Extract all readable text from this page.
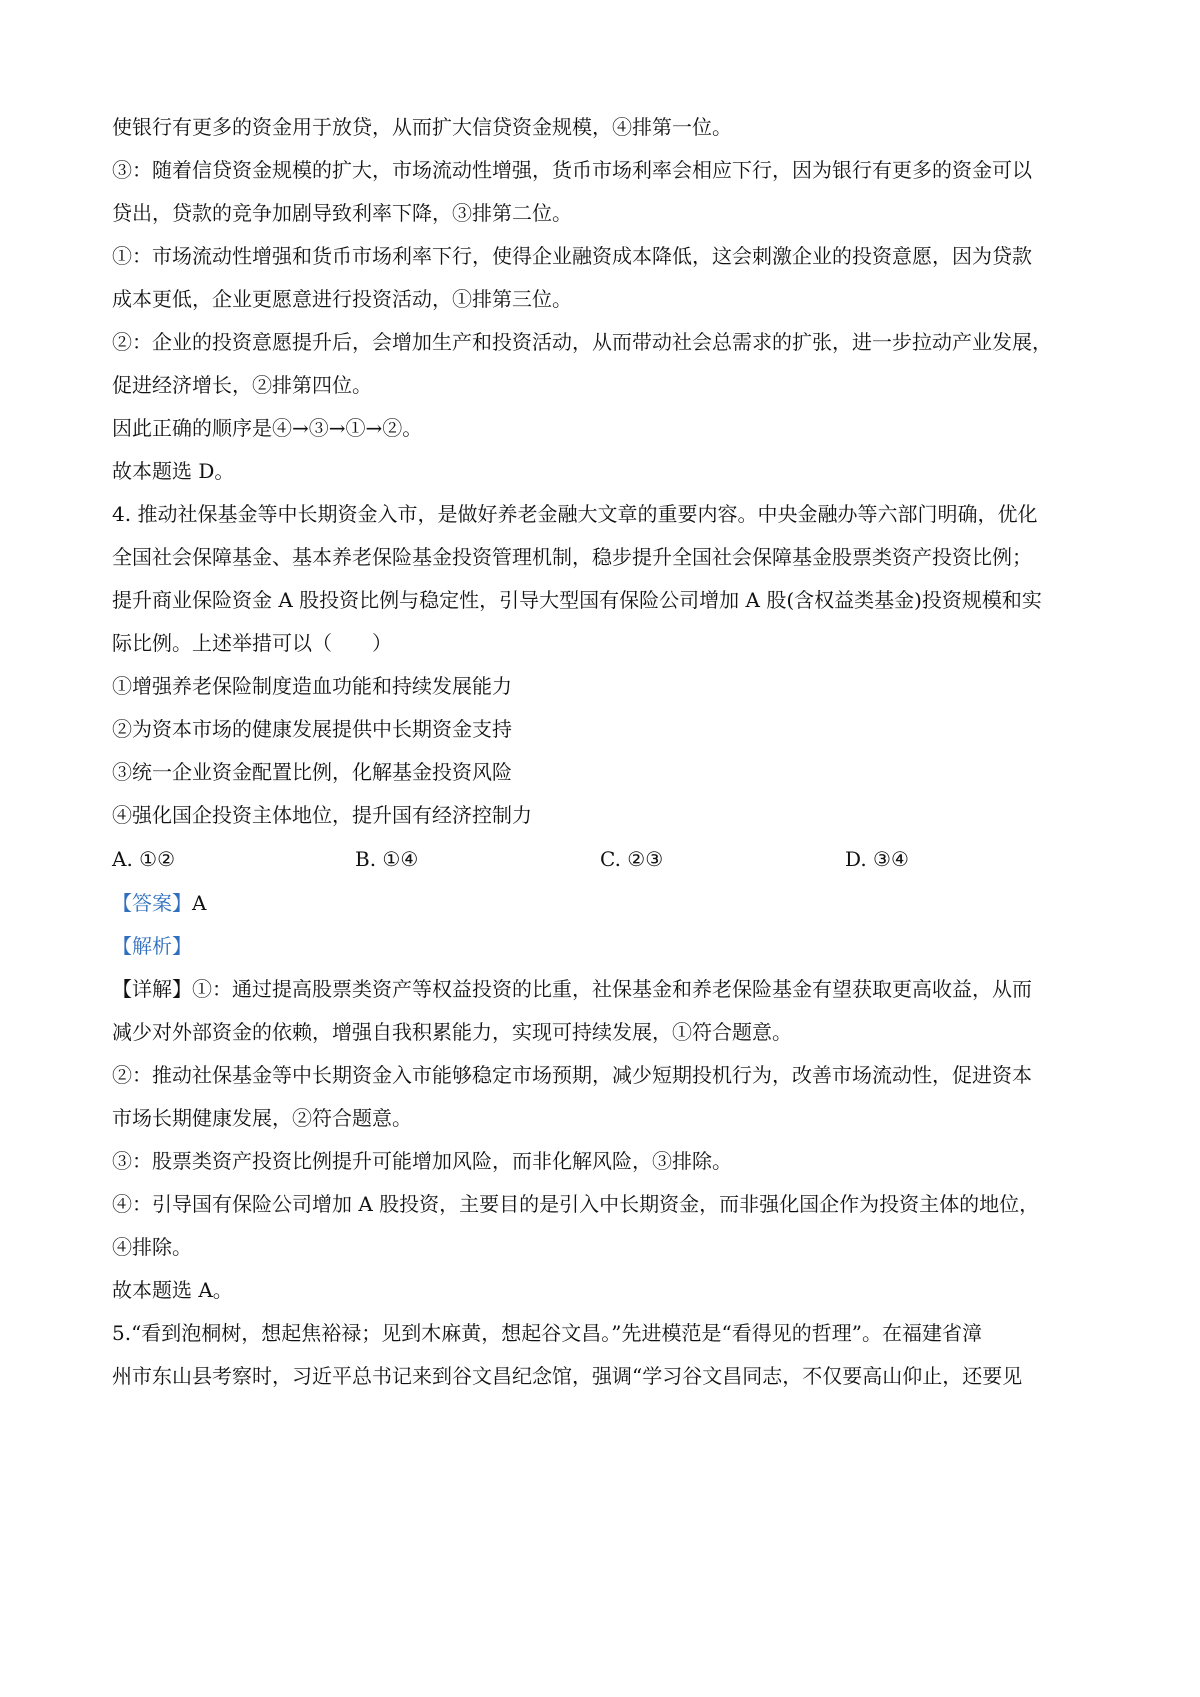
使银行有更多的资金用于放贷，从而扩大信贷资金规模，④排第一位。
③：随着信贷资金规模的扩大，市场流动性增强，货币市场利率会相应下行，因为银行有更多的资金可以
贷出，贷款的竞争加剧导致利率下降，③排第二位。
①：市场流动性增强和货币市场利率下行，使得企业融资成本降低，这会刺激企业的投资意愿，因为贷款
成本更低，企业更愿意进行投资活动，①排第三位。
②：企业的投资意愿提升后，会增加生产和投资活动，从而带动社会总需求的扩张，进一步拉动产业发展，
促进经济增长，②排第四位。
因此正确的顺序是④→③→①→②。
故本题选 D。
4. 推动社保基金等中长期资金入市，是做好养老金融大文章的重要内容。中央金融办等六部门明确，优化
全国社会保障基金、基本养老保险基金投资管理机制，稳步提升全国社会保障基金股票类资产投资比例；
提升商业保险资金 A 股投资比例与稳定性，引导大型国有保险公司增加 A 股(含权益类基金)投资规模和实
际比例。上述举措可以（　　）
①增强养老保险制度造血功能和持续发展能力
②为资本市场的健康发展提供中长期资金支持
③统一企业资金配置比例，化解基金投资风险
④强化国企投资主体地位，提升国有经济控制力
A. ①②	B. ①④	C. ②③	D. ③④
【答案】A
【解析】
【详解】①：通过提高股票类资产等权益投资的比重，社保基金和养老保险基金有望获取更高收益，从而
减少对外部资金的依赖，增强自我积累能力，实现可持续发展，①符合题意。
②：推动社保基金等中长期资金入市能够稳定市场预期，减少短期投机行为，改善市场流动性，促进资本
市场长期健康发展，②符合题意。
③：股票类资产投资比例提升可能增加风险，而非化解风险，③排除。
④：引导国有保险公司增加 A 股投资，主要目的是引入中长期资金，而非强化国企作为投资主体的地位，
④排除。
故本题选 A。
5.“看到泡桐树，想起焦裕禄；见到木麻黄，想起谷文昌。”先进模范是“看得见的哲理”。在福建省漳
州市东山县考察时，习近平总书记来到谷文昌纪念馆，强调“学习谷文昌同志，不仅要高山仰止，还要见
